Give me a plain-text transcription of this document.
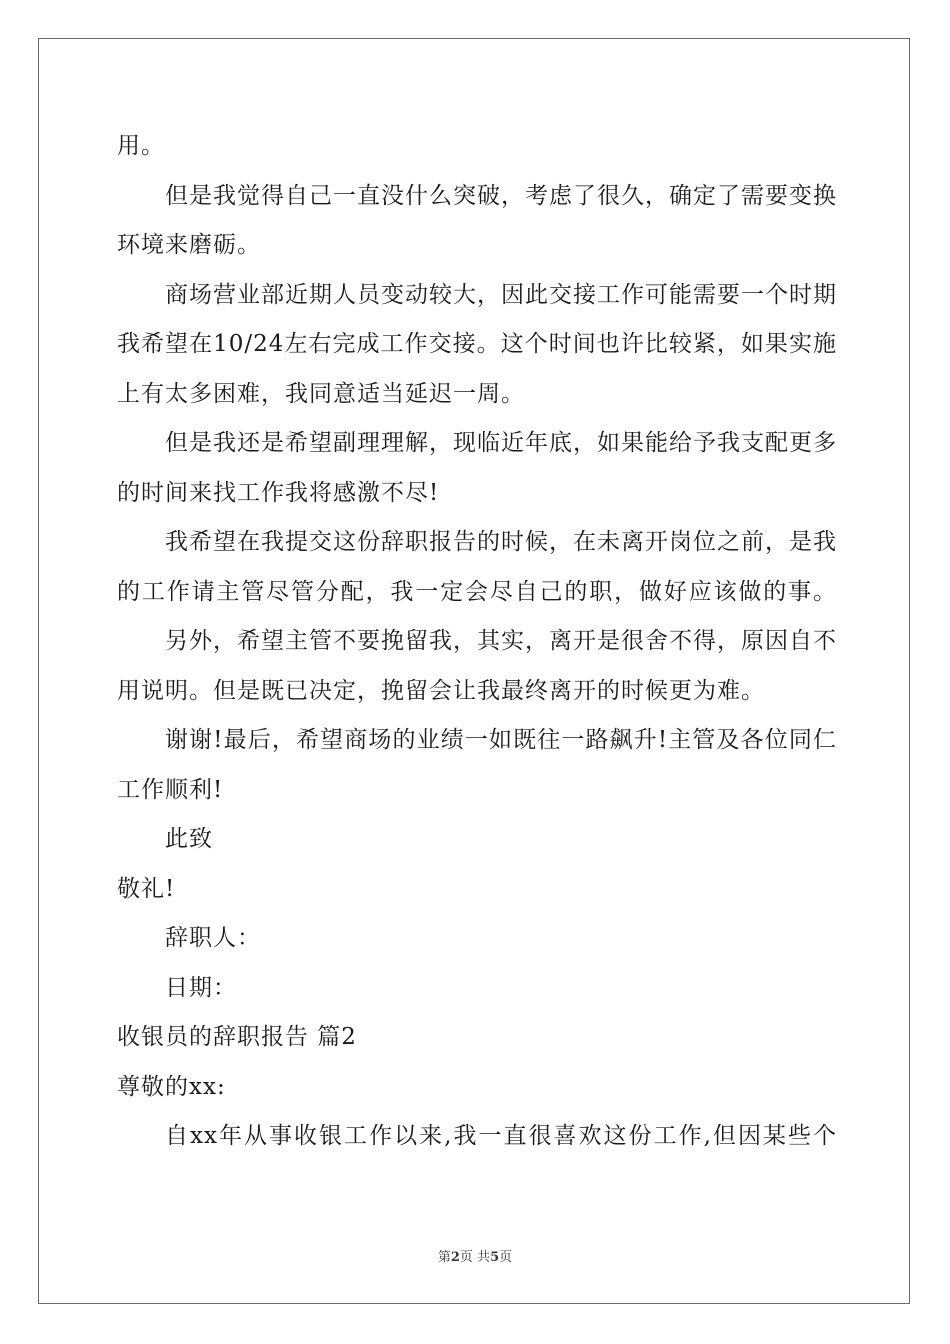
用。
但是我觉得自己一直没什么突破，考虑了很久，确定了需要变换
环境来磨砺。
商场营业部近期人员变动较大，因此交接工作可能需要一个时期
我希望在10/24左右完成工作交接。这个时间也许比较紧，如果实施
上有太多困难，我同意适当延迟一周。
但是我还是希望副理理解，现临近年底，如果能给予我支配更多
的时间来找工作我将感激不尽!
我希望在我提交这份辞职报告的时候，在未离开岗位之前，是我
的工作请主管尽管分配，我一定会尽自己的职，做好应该做的事。
另外，希望主管不要挽留我，其实，离开是很舍不得，原因自不
用说明。但是既已决定，挽留会让我最终离开的时候更为难。
谢谢!最后，希望商场的业绩一如既往一路飙升!主管及各位同仁
工作顺利!
此致
敬礼!
辞职人：
日期：
收银员的辞职报告 篇2
尊敬的xx:
自xx年从事收银工作以来,我一直很喜欢这份工作,但因某些个
第2页 共5页
